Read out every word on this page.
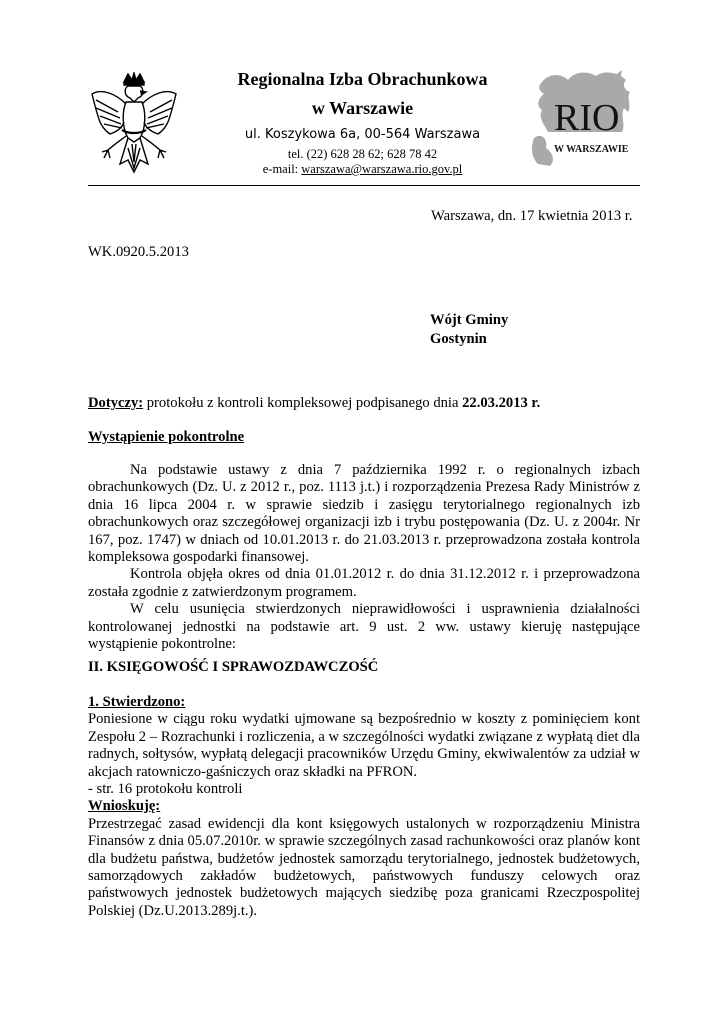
Regionalna Izba Obrachunkowa
w Warszawie
ul. Koszykowa 6a, 00-564 Warszawa
tel. (22) 628 28 62; 628 78 42
e-mail: warszawa@warszawa.rio.gov.pl
RIO
W WARSZAWIE
Warszawa, dn. 17 kwietnia 2013 r.
WK.0920.5.2013
Wójt Gminy
Gostynin
Dotyczy: protokołu z kontroli kompleksowej podpisanego dnia 22.03.2013 r.
Wystąpienie pokontrolne

Na podstawie ustawy z dnia 7 października 1992 r. o regionalnych izbach obrachunkowych (Dz. U. z 2012 r., poz. 1113 j.t.) i rozporządzenia Prezesa Rady Ministrów z dnia 16 lipca 2004 r. w sprawie siedzib i zasięgu terytorialnego regionalnych izb obrachunkowych oraz szczegółowej organizacji izb i trybu postępowania (Dz. U. z 2004r. Nr 167, poz. 1747) w dniach od 10.01.2013 r. do 21.03.2013 r. przeprowadzona została kontrola kompleksowa gospodarki finansowej.

Kontrola objęła okres od dnia 01.01.2012 r. do dnia 31.12.2012 r. i przeprowadzona została zgodnie z zatwierdzonym programem.

W celu usunięcia stwierdzonych nieprawidłowości i usprawnienia działalności kontrolowanej jednostki na podstawie art. 9 ust. 2 ww. ustawy kieruję następujące wystąpienie pokontrolne:

II. KSIĘGOWOŚĆ I SPRAWOZDAWCZOŚĆ
1. Stwierdzono:

Poniesione w ciągu roku wydatki ujmowane są bezpośrednio w koszty z pominięciem kont Zespołu 2 – Rozrachunki i rozliczenia, a w szczególności wydatki związane z wypłatą diet dla radnych, sołtysów, wypłatą delegacji pracowników Urzędu Gminy, ekwiwalentów za udział w akcjach ratowniczo-gaśniczych oraz składki na PFRON.

- str. 16 protokołu kontroli

Wnioskuję:

Przestrzegać zasad ewidencji dla kont księgowych ustalonych w rozporządzeniu Ministra Finansów z dnia 05.07.2010r. w sprawie szczególnych zasad rachunkowości oraz planów kont dla budżetu państwa, budżetów jednostek samorządu terytorialnego, jednostek budżetowych, samorządowych zakładów budżetowych, państwowych funduszy celowych oraz państwowych jednostek budżetowych mających siedzibę poza granicami Rzeczpospolitej Polskiej (Dz.U.2013.289j.t.).
